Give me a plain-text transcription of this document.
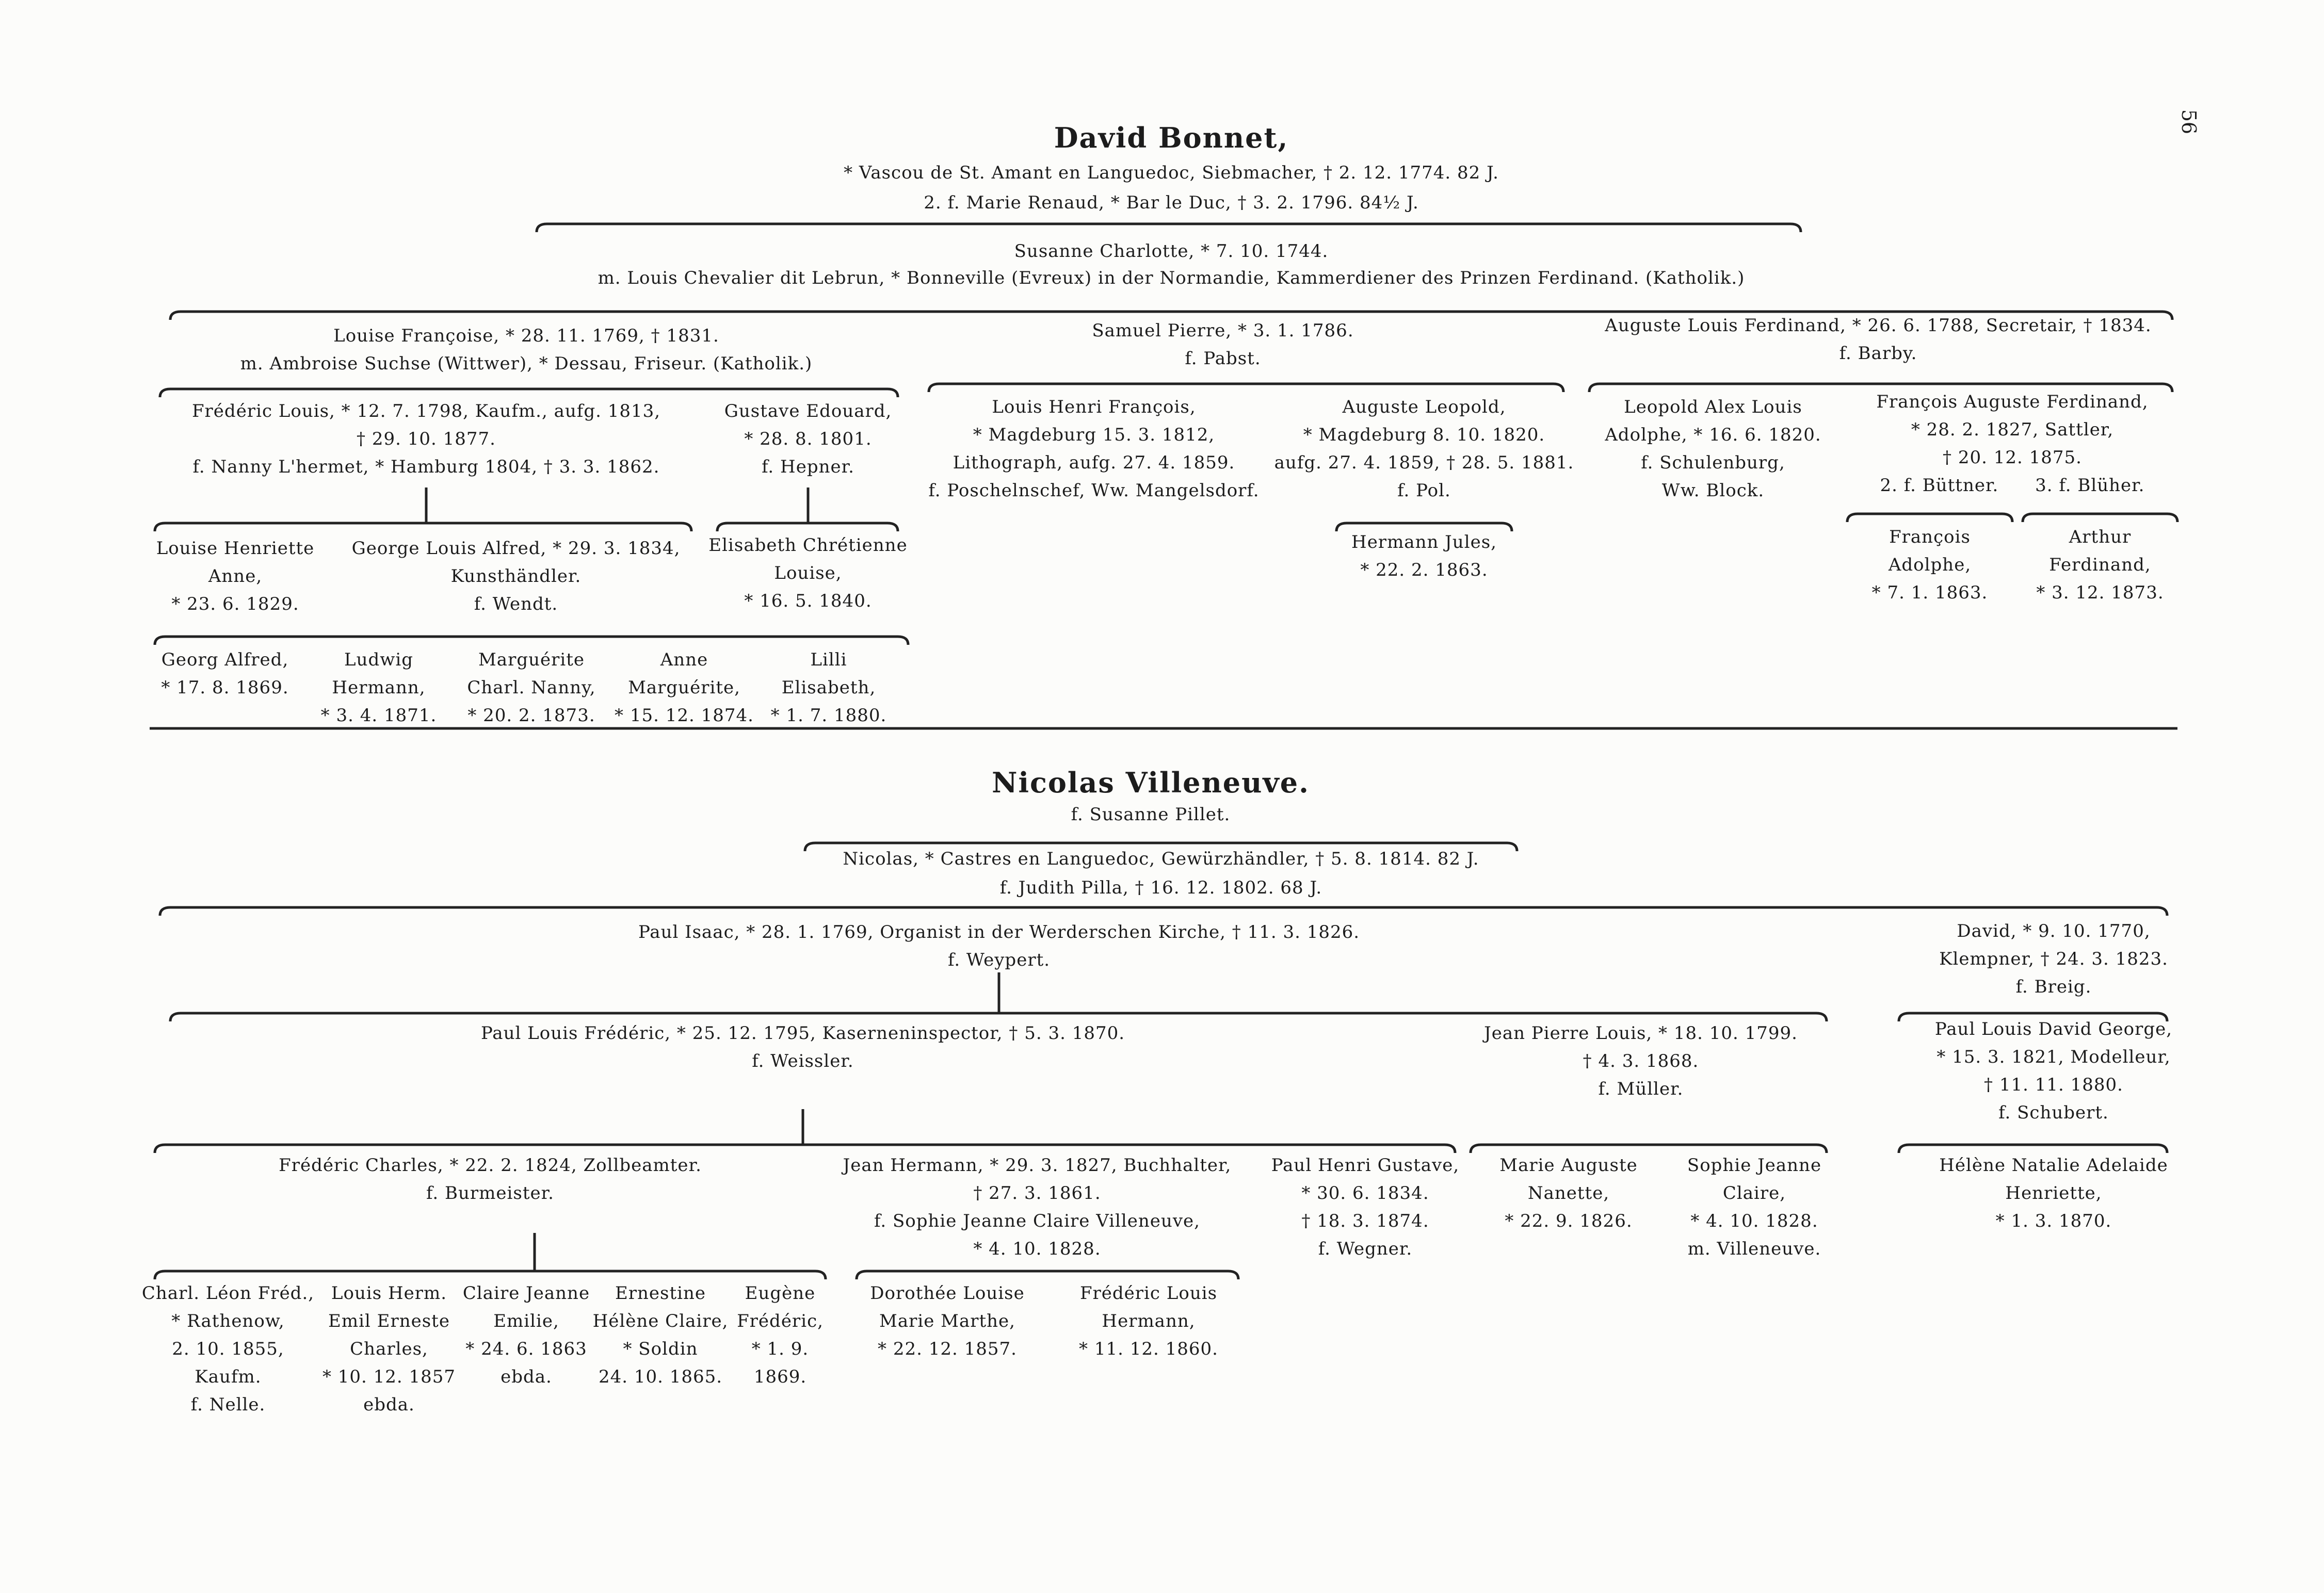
56
David Bonnet,
* Vascou de St. Amant en Languedoc, Siebmacher, † 2. 12. 1774. 82 J.
2. f. Marie Renaud, * Bar le Duc, † 3. 2. 1796. 84½ J.
Susanne Charlotte, * 7. 10. 1744.
m. Louis Chevalier dit Lebrun, * Bonneville (Evreux) in der Normandie, Kammerdiener des Prinzen Ferdinand. (Katholik.)
Louise Françoise, * 28. 11. 1769, † 1831.
m. Ambroise Suchse (Wittwer), * Dessau, Friseur. (Katholik.)
Samuel Pierre, * 3. 1. 1786.
f. Pabst.
Auguste Louis Ferdinand, * 26. 6. 1788, Secretair, † 1834.
f. Barby.
Frédéric Louis, * 12. 7. 1798, Kaufm., aufg. 1813,
† 29. 10. 1877.
f. Nanny L'hermet, * Hamburg 1804, † 3. 3. 1862.
Gustave Edouard,
* 28. 8. 1801.
f. Hepner.
Louis Henri François,
* Magdeburg 15. 3. 1812,
Lithograph, aufg. 27. 4. 1859.
f. Poschelnschef, Ww. Mangelsdorf.
Auguste Leopold,
* Magdeburg 8. 10. 1820.
aufg. 27. 4. 1859, † 28. 5. 1881.
f. Pol.
Leopold Alex Louis
Adolphe, * 16. 6. 1820.
f. Schulenburg,
Ww. Block.
François Auguste Ferdinand,
* 28. 2. 1827, Sattler,
† 20. 12. 1875.
2. f. Büttner.      3. f. Blüher.
Louise Henriette
Anne,
* 23. 6. 1829.
George Louis Alfred, * 29. 3. 1834,
Kunsthändler.
f. Wendt.
Elisabeth Chrétienne
Louise,
* 16. 5. 1840.
Hermann Jules,
* 22. 2. 1863.
François
Adolphe,
* 7. 1. 1863.
Arthur
Ferdinand,
* 3. 12. 1873.
Georg Alfred,
* 17. 8. 1869.
Ludwig
Hermann,
* 3. 4. 1871.
Marguérite
Charl. Nanny,
* 20. 2. 1873.
Anne
Marguérite,
* 15. 12. 1874.
Lilli
Elisabeth,
* 1. 7. 1880.
Nicolas Villeneuve.
f. Susanne Pillet.
Nicolas, * Castres en Languedoc, Gewürzhändler, † 5. 8. 1814. 82 J.
f. Judith Pilla, † 16. 12. 1802. 68 J.
Paul Isaac, * 28. 1. 1769, Organist in der Werderschen Kirche, † 11. 3. 1826.
f. Weypert.
David, * 9. 10. 1770,
Klempner, † 24. 3. 1823.
f. Breig.
Paul Louis Frédéric, * 25. 12. 1795, Kaserneninspector, † 5. 3. 1870.
f. Weissler.
Jean Pierre Louis, * 18. 10. 1799.
† 4. 3. 1868.
f. Müller.
Paul Louis David George,
* 15. 3. 1821, Modelleur,
† 11. 11. 1880.
f. Schubert.
Frédéric Charles, * 22. 2. 1824, Zollbeamter.
f. Burmeister.
Jean Hermann, * 29. 3. 1827, Buchhalter,
† 27. 3. 1861.
f. Sophie Jeanne Claire Villeneuve,
* 4. 10. 1828.
Paul Henri Gustave,
* 30. 6. 1834.
† 18. 3. 1874.
f. Wegner.
Marie Auguste
Nanette,
* 22. 9. 1826.
Sophie Jeanne
Claire,
* 4. 10. 1828.
m. Villeneuve.
Hélène Natalie Adelaide
Henriette,
* 1. 3. 1870.
Charl. Léon Fréd.,
* Rathenow,
2. 10. 1855,
Kaufm.
f. Nelle.
Louis Herm.
Emil Erneste
Charles,
* 10. 12. 1857
ebda.
Claire Jeanne
Emilie,
* 24. 6. 1863
ebda.
Ernestine
Hélène Claire,
* Soldin
24. 10. 1865.
Eugène
Frédéric,
* 1. 9.
1869.
Dorothée Louise
Marie Marthe,
* 22. 12. 1857.
Frédéric Louis
Hermann,
* 11. 12. 1860.
